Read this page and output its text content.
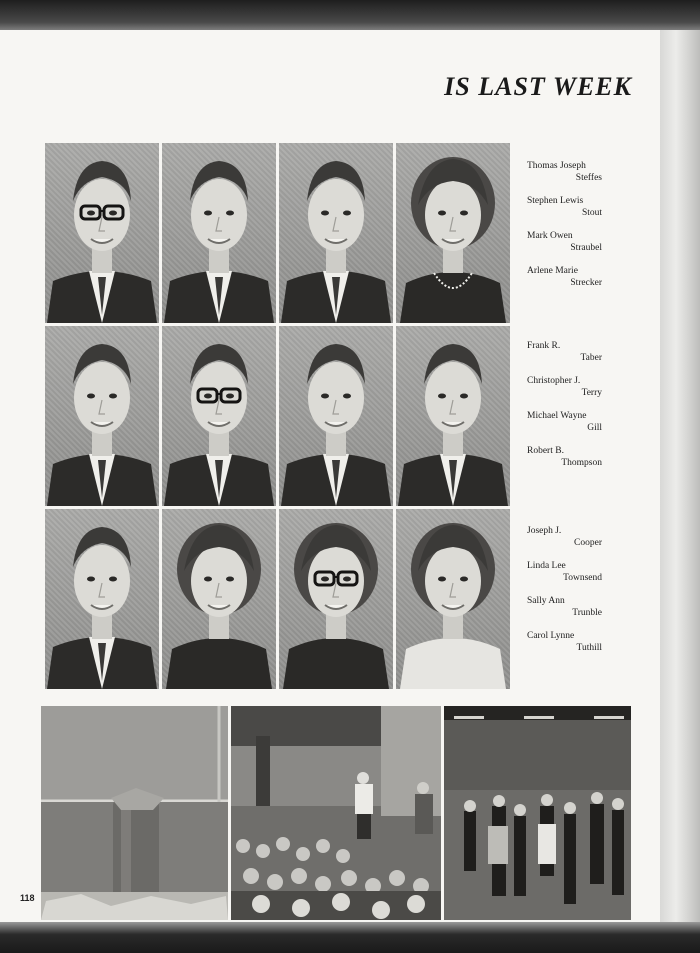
IS LAST WEEK
Thomas Joseph
Steffes
Stephen Lewis
Stout
Mark Owen
Straubel
Arlene Marie
Strecker
Frank R.
Taber
Christopher J.
Terry
Michael Wayne
Gill
Robert B.
Thompson
Joseph J.
Cooper
Linda Lee
Townsend
Sally Ann
Trunble
Carol Lynne
Tuthill
118
